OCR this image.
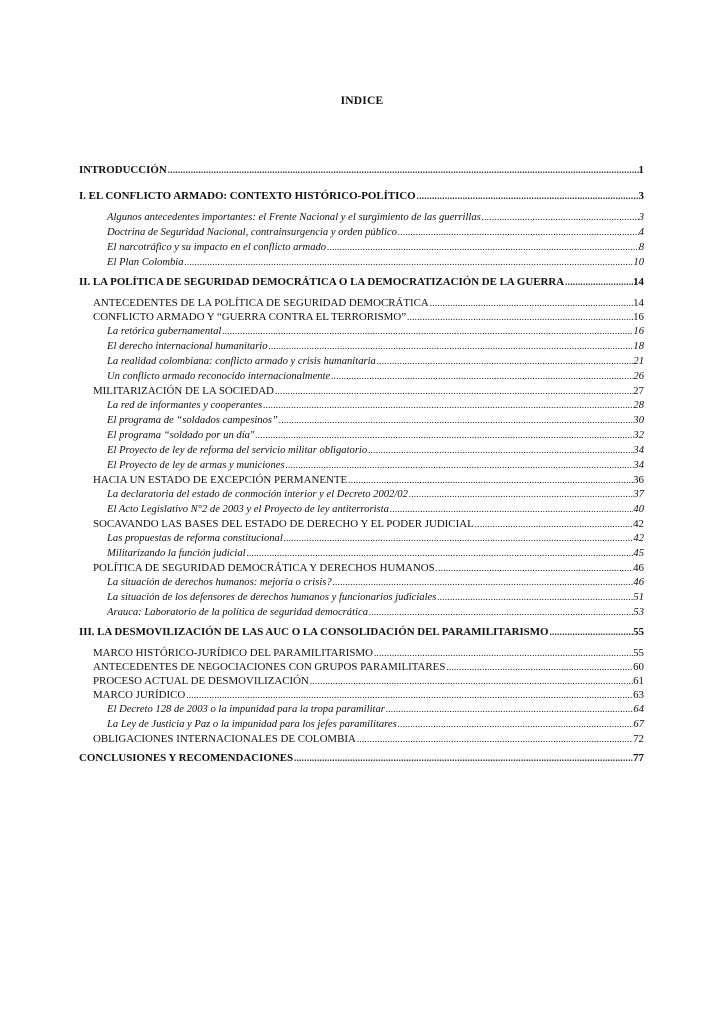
INDICE
INTRODUCCIÓN .....	1
I. EL CONFLICTO ARMADO: CONTEXTO HISTÓRICO-POLÍTICO .....	3
Algunos antecedentes importantes: el Frente Nacional y el surgimiento de las guerrillas .....	3
Doctrina de Seguridad Nacional, contrainsurgencia y orden público .....	4
El narcotráfico y su impacto en el conflicto armado .....	8
El Plan Colombia .....	10
II. LA POLÍTICA DE SEGURIDAD DEMOCRÁTICA O LA DEMOCRATIZACIÓN DE LA GUERRA .....	14
ANTECEDENTES DE LA POLÍTICA DE SEGURIDAD DEMOCRÁTICA .....	14
CONFLICTO ARMADO Y “GUERRA CONTRA EL TERRORISMO” .....	16
La retórica gubernamental .....	16
El derecho internacional humanitario .....	18
La realidad colombiana: conflicto armado y crisis humanitaria .....	21
Un conflicto armado reconocido internacionalmente .....	26
MILITARIZACIÓN DE LA SOCIEDAD .....	27
La red de informantes y cooperantes .....	28
El programa de “soldados campesinos” .....	30
El programa “soldado por un día" .....	32
El Proyecto de ley de reforma del servicio militar obligatorio .....	34
El Proyecto de ley de armas y municiones .....	34
HACIA UN ESTADO DE EXCEPCIÓN PERMANENTE .....	36
La declaratoria del estado de conmoción interior y el Decreto 2002/02 .....	37
El Acto Legislativo N°2 de 2003 y el Proyecto de ley antiterrorista .....	40
SOCAVANDO LAS BASES DEL ESTADO DE DERECHO Y EL PODER JUDICIAL .....	42
Las propuestas de reforma constitucional .....	42
Militarizando la función judicial .....	45
POLÍTICA DE SEGURIDAD DEMOCRÁTICA Y DERECHOS HUMANOS .....	46
La situación de derechos humanos: mejoría o crisis? .....	46
La situación de los defensores de derechos humanos y funcionarios judiciales .....	51
Arauca: Laboratorio de la política de seguridad democrática .....	53
III. LA DESMOVILIZACIÓN DE LAS AUC O LA CONSOLIDACIÓN DEL PARAMILITARISMO .....	55
MARCO HISTÓRICO-JURÍDICO DEL PARAMILITARISMO .....	55
ANTECEDENTES DE NEGOCIACIONES CON GRUPOS PARAMILITARES .....	60
PROCESO ACTUAL DE DESMOVILIZACIÓN .....	61
MARCO JURÍDICO .....	63
El Decreto 128 de 2003 o la impunidad para la tropa paramilitar .....	64
La Ley de Justicia y Paz o la impunidad para los jefes paramilitares .....	67
OBLIGACIONES INTERNACIONALES DE COLOMBIA .....	72
CONCLUSIONES Y RECOMENDACIONES .....	77
